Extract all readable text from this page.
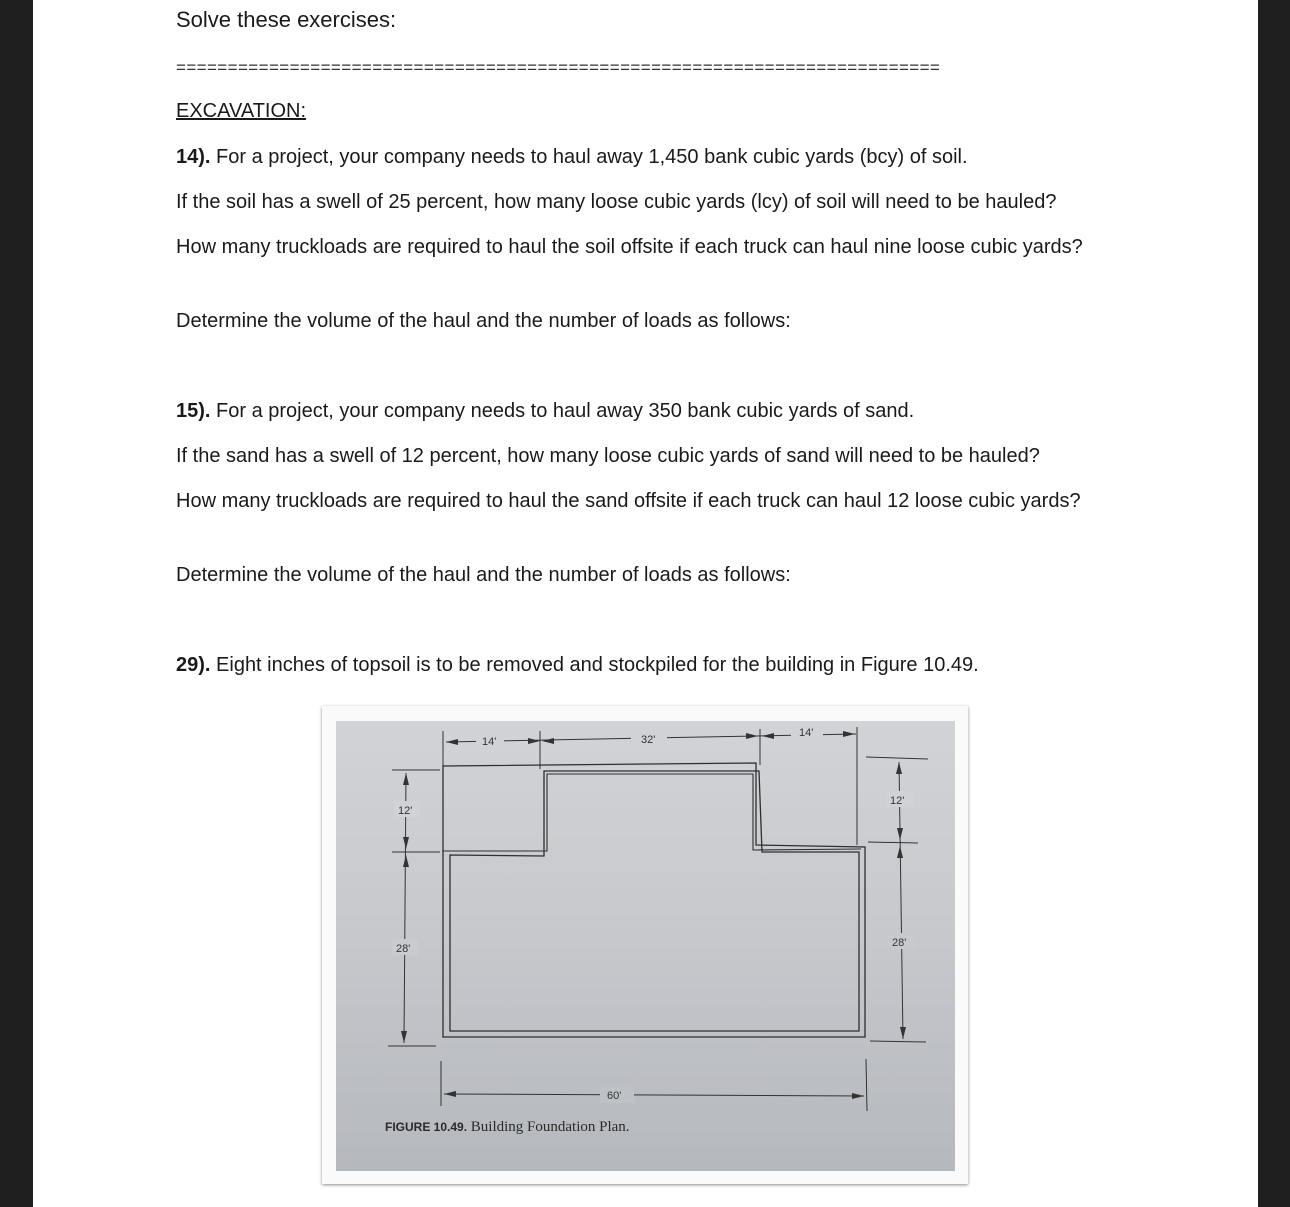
Solve these exercises:
==========================================================================
EXCAVATION:
14). For a project, your company needs to haul away 1,450 bank cubic yards (bcy) of soil.
If the soil has a swell of 25 percent, how many loose cubic yards (lcy) of soil will need to be hauled?
How many truckloads are required to haul the soil offsite if each truck can haul nine loose cubic yards?
Determine the volume of the haul and the number of loads as follows:
15). For a project, your company needs to haul away 350 bank cubic yards of sand.
If the sand has a swell of 12 percent, how many loose cubic yards of sand will need to be hauled?
How many truckloads are required to haul the sand offsite if each truck can haul 12 loose cubic yards?
Determine the volume of the haul and the number of loads as follows:
29). Eight inches of topsoil is to be removed and stockpiled for the building in Figure 10.49.
14'	32'
14'
12'
28'
12'
28'
60'
FIGURE 10.49. Building Foundation Plan.
